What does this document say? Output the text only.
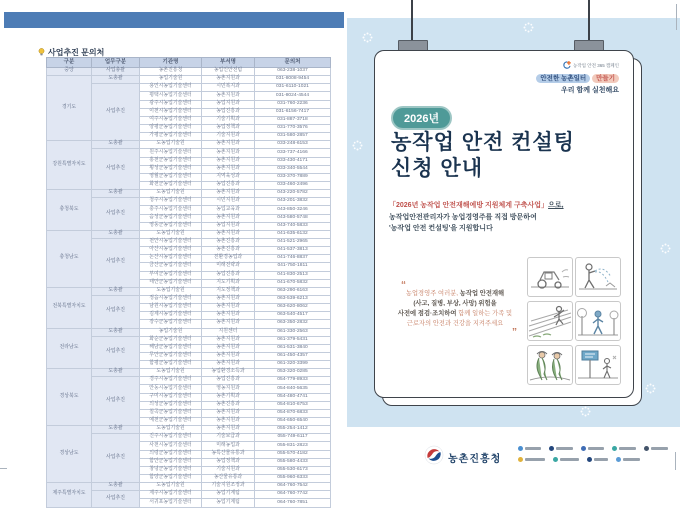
사업추진 문의처
구분	업무구분	기관명	부서명	문의처
중앙	사업총괄	농촌진흥청	농업인안전팀	063-238-1037
경기도	도총괄	농업기술원	농촌지원과	031-8008-9454
	사업추진	용인시농업기술센터	시민복지과	031-6110-1021
		평택시농업기술센터	농촌지원과	031-8024-4544
		광주시농업기술센터	농업지원과	031-760-2236
		이천시농업기술센터	농업진흥과	031-6156-7417
		여주시농업기술센터	기술기획과	031-887-3718
		양평군농업기술센터	농업정책과	031-770-3576
		가평군농업기술센터	기술지원과	031-580-2857
강원특별자치도	도총괄	도농업기술원	농촌지원과	033-248-6153
	사업추진	원주시농업기술센터	농촌지원과	033-737-4166
		홍천군농업기술센터	농촌지원과	033-430-4171
		횡성군농업기술센터	농촌지원과	033-340-5544
		영월군농업기술센터	지역육성과	033-370-7889
		화천군농업기술센터	농업진흥과	033-460-2496
충청북도	도총괄	도농업기술원	농촌지원과	043-220-5782
	사업추진	청주시농업기술센터	시민지원과	043-201-3832
		충주시농업기술센터	농업교육과	043-850-3246
		음성군농업기술센터	농촌지원과	043-580-5748
		영동군농업기술센터	농업지원과	043-740-5833
충청남도	도총괄	도농업기술원	농촌지원과	041-635-6132
	사업추진	천안시농업기술센터	농촌진흥과	041-521-2965
		아산시농업기술센터	농촌진흥과	041-537-3813
		논산시농업기술센터	친환경농업과	041-746-8837
		금산군농업기술센터	미래전략과	041-750-1811
		부여군농업기술센터	농업진흥과	041-830-2513
		태안군농업기술센터	지도기획과	041-670-5832
전북특별자치도	도총괄	도농업기술원	지도정책과	063-290-6163
	사업추진	정읍시농업기술센터	농촌지원과	063-539-6213
		남원시농업기술센터	농촌지원과	063-620-8062
		김제시농업기술센터	농촌지원과	063-540-4517
		장수군농업기술센터	농촌지원과	063-350-2832
전라남도	도총괄	농업기술원	지원센터	061-330-2563
	사업추진	화순군농업기술센터	농촌지원과	061-379-5431
		해남군농업기술센터	농촌지원과	061-531-3840
		무안군농업기술센터	농촌지원과	061-450-4357
		함평군농업기술센터	농촌지원과	061-320-3399
경상북도	도총괄	도농업기술원	농업환경소득과	053-320-0285
	사업추진	경주시농업기술센터	농업진흥과	054-779-8933
		안동시농업기술센터	영농지원과	054-840-5635
		구미시농업기술센터	농촌기획과	054-480-4741
		의성군농업기술센터	농촌진흥과	054-810-6753
		칠곡군농업기술센터	농촌지원과	054-870-6833
		예천군농업기술센터	농촌지원과	054-650-6540
경상남도	도총괄	도농업기술원	농촌지원과	055-254-1412
	사업추진	진주시농업기술센터	기술보급과	055-749-6117
		사천시농업기술센터	미래농업과	055-831-2823
		의령군농업기술센터	농특산물유통과	055-570-4182
		함안군농업기술센터	농업정책과	055-580-4433
		창녕군농업기술센터	기술지원과	055-530-6173
		함양군농업기술센터	농산물유통과	055-960-6333
제주특별자치도	도총괄	도농업기술원	기술지원조정과	064-760-7542
	사업추진	제주시농업기술센터	농업기계팀	064-760-7742
		서귀포농업기술센터	농업기계팀	064-760-7851
농작업 안전 365 캠페인
안전한 농촌일터 만들기
우리 함께 실천해요
2026년
농작업 안전 컨설팅
신청 안내
「2026년 농작업 안전재해예방 지원체계 구축사업」으로,
농작업안전관리자가 농업경영주를 직접 방문하여
'농작업 안전 컨설팅'을 지원합니다
“
농업경영주 여러분, 농작업 안전재해
(사고, 질병, 부상, 사망) 위험을
사전에 점검·조치하여 함께 일하는 가족 및
근로자의 안전과 건강을 지켜주세요
”
농촌진흥청
